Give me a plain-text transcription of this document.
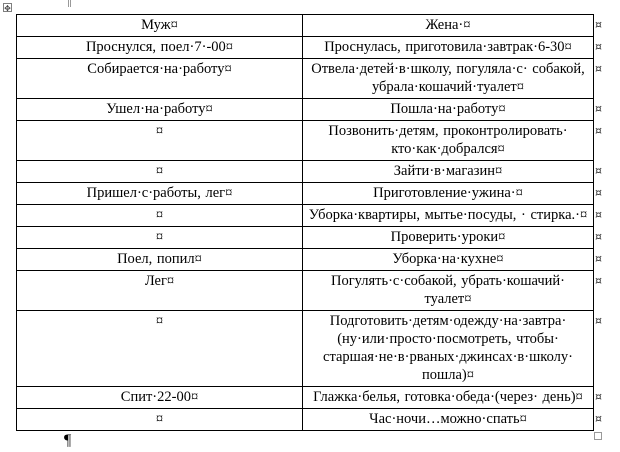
✥
Муж¤	Жена·¤
Проснулся, поел·7·-00¤	Проснулась, приготовила·завтрак·6-30¤
Собирается·на·работу¤	Отвела·детей·в·школу, погуляла·с· собакой, убрала·кошачий·туалет¤
Ушел·на·работу¤	Пошла·на·работу¤
¤	Позвонить·детям, проконтролировать· кто·как·добрался¤
¤	Зайти·в·магазин¤
Пришел·с·работы, лег¤	Приготовление·ужина·¤
¤	Уборка·квартиры, мытье·посуды, · стирка.·¤
¤	Проверить·уроки¤
Поел, попил¤	Уборка·на·кухне¤
Лег¤	Погулять·с·собакой, убрать·кошачий· туалет¤
¤	Подготовить·детям·одежду·на·завтра· (ну·или·просто·посмотреть, чтобы· старшая·не·в·рваных·джинсах·в·школу· пошла)¤
Спит·22-00¤	Глажка·белья, готовка·обеда·(через· день)¤
¤	Час·ночи…можно·спать¤
¤
¤
¤
¤
¤
¤
¤
¤
¤
¤
¤
¤
¤
¤
¶
